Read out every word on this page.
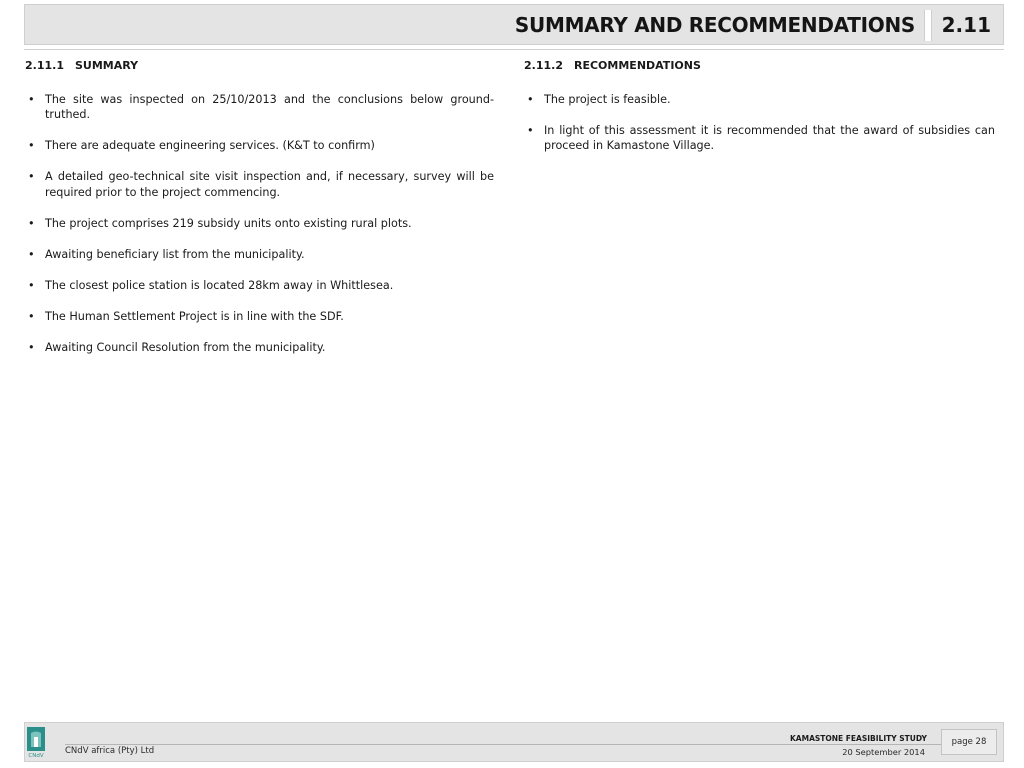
SUMMARY AND RECOMMENDATIONS 2.11
2.11.1 SUMMARY
• The site was inspected on 25/10/2013 and the conclusions below ground-truthed.
• There are adequate engineering services. (K&T to confirm)
• A detailed geo-technical site visit inspection and, if necessary, survey will be required prior to the project commencing.
• The project comprises 219 subsidy units onto existing rural plots.
• Awaiting beneficiary list from the municipality.
• The closest police station is located 28km away in Whittlesea.
• The Human Settlement Project is in line with the SDF.
• Awaiting Council Resolution from the municipality.
2.11.2 RECOMMENDATIONS
• The project is feasible.
• In light of this assessment it is recommended that the award of subsidies can proceed in Kamastone Village.
CNdV	CNdV africa (Pty) Ltd
KAMASTONE FEASIBILITY STUDY
20 September 2014
page 28
